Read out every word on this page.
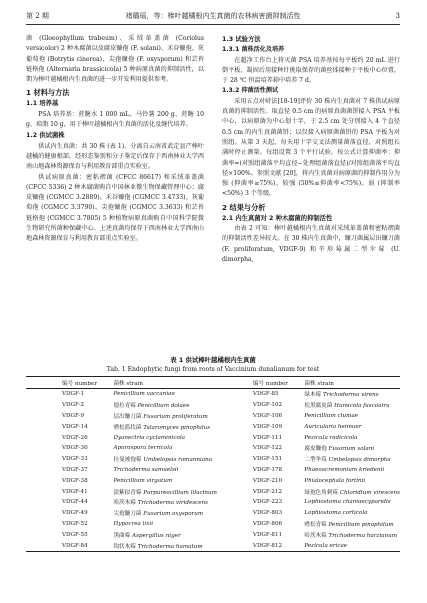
第 2 期	褚璐瑶，等：棒叶越橘根内生真菌的农林病害菌抑制活性	3

菌 (Gloeophyllum trabeum)、采绒革盖菌 (Coriolus versicolor) 2 种木腐菌以及腐皮镰孢 (F. solani)、禾谷镰孢、灰葡萄孢 (Botrytis cinerea)、尖孢镰孢 (F. oxysporum) 和芸苔链格孢 (Alternaria brassicicola) 5 种病原真菌的抑制活性，以期为棒叶越橘根内生真菌的进一步开发利用提供参考。

1 材料与方法
1.1 培养基

PSA 培养基：蔗糖水 1 000 mL、马铃薯 200 g、蔗糖 10 g、琼脂 10 g，用于棒叶越橘根内生真菌的活化及继代培养。

1.2 供试菌株

供试内生真菌：共 30 株 (表 1)，分离自云南省武定县产棒叶越橘的健康根部，经形态鉴别和分子鉴定后保存于西南林业大学西南山地森林资源保育与利用教育部重点实验室。

供试病原真菌：密粘褶菌 (CFCC 86617) 和采绒革盖菌 (CFCC 5336) 2 种木腐菌购自中国林业微生物保藏管理中心；腐皮镰孢 (CGMCC 3.2889)、禾谷镰孢 (CGMCC 3.4733)、灰葡萄孢 (CGMCC 3.3790)、尖孢镰孢 (CGMCC 3.3633) 和芸苔链格孢 (CGMCC 3.7805) 5 种植物病原真菌购自中国科学院微生物研究所菌种保藏中心。上述真菌均保存于西南林业大学西南山地森林资源保育与利用教育部重点实验室。

1.3 试验方法
1.3.1 菌株活化及培养

在超净工作台上将灭菌 PSA 培养基按每平板约 20 mL 进行倒平板，凝固后用接种针挑取保存的菌丝体接种于平板中心位置，于 28 ℃ 恒温培养箱中培养 7 d。

1.3.2 抑菌活性测试

采用五点对峙法[18-19]评价 30 株内生真菌对 7 株供试病原真菌的抑制活性。取直径 0.5 cm 的病原真菌菌饼接入 PSA 平板中心，以病原菌为中心划十字，于 2.5 cm 处分别接入 4 个直径 0.5 cm 的内生真菌菌饼；以仅接入病原菌菌饼的 PSA 平板为对照组。从第 3 天起，每天用十字交叉法测量菌落直径，对照组长满时停止测量。每组设置 3 个平行试验。按公式计算抑菌率：抑菌率=(对照组菌落平均直径−处理组菌落直径)/对照组菌落平均直径×100%。参照文献 [20]，将内生真菌对病原菌的抑制作用分为强 (抑菌率≥75%)、较强 (50%≤抑菌率<75%)、弱 (抑制率<50%) 3 个等级。

2 结果与分析
2.1 内生真菌对 2 种木腐菌的抑制活性

由表 2 可知：棒叶越橘根内生真菌对采绒革盖菌和密粘褶菌的抑制活性差异较大。在 30 株内生真菌中，镰刀菌属层出镰刀菌 (F. proliferatum, VDGF-9) 和辛形莓属二型伞莓 (U. dimorpha,

表 1 供试棒叶越橘根内生真菌
Tab. 1 Endophytic fungi from roots of Vaccinium dunalianum for test
编号 number	菌株 strain	编号 number	菌株 strain
VDGF-1	Penicillium vaccaniae	VDGF-85	绿木霉 Trichoderma virens
VDGF-2	德拉青霉 Penicillium dolaee	VDGF-102	松黑腐皮菌 Humicola fuscoatra
VDGF-9	层出镰刀菌 Fusarium proliferatum	VDGF-106	Penicillium cluniae
VDGF-14	嗜松篮状菌 Talaromyces pinophilus	VDGF-109	Auricularia heimuer
VDGF-26	Dyanectria cyclaminicola	VDGF-111	Pezicula radicicola
VDGF-30	Aporospora terricola	VDGF-122	腐皮镰孢 Fusarium solani
VDGF-33	拉曼被孢霉 Umbelopsis ramanniana	VDGF-151	二型伞莓 Umbelopsis dimorpha
VDGF-37	Trichoderma samuelsii	VDGF-178	Phaeoacremonium kriedenii
VDGF-38	Penicillium virgatum	VDGF-210	Phialocephala fortinii
VDGF-41	淡紫拟青霉 Purpureocillium lilacinum	VDGF-212	绿孢色角刺霉 Chloridium virescens
VDGF-44	哈茨木霉 Trichoderma viridescens	VDGF-223	Lophiostoma chamaecyparidis
VDGF-49	尖孢镰刀菌 Fusarium oxysporum	VDGF-803	Lophiostoma corticola
VDGF-52	Hypocrea lixii	VDGF-806	嗜松青霉 Penicillium pinophilum
VDGF-55	黑曲霉 Aspergillus niger	VDGF-811	哈茨木霉 Trichoderma harzianum
VDGF-84	钩状木霉 Trichoderma hamatum	VDGF-812	Pezicula ericae
